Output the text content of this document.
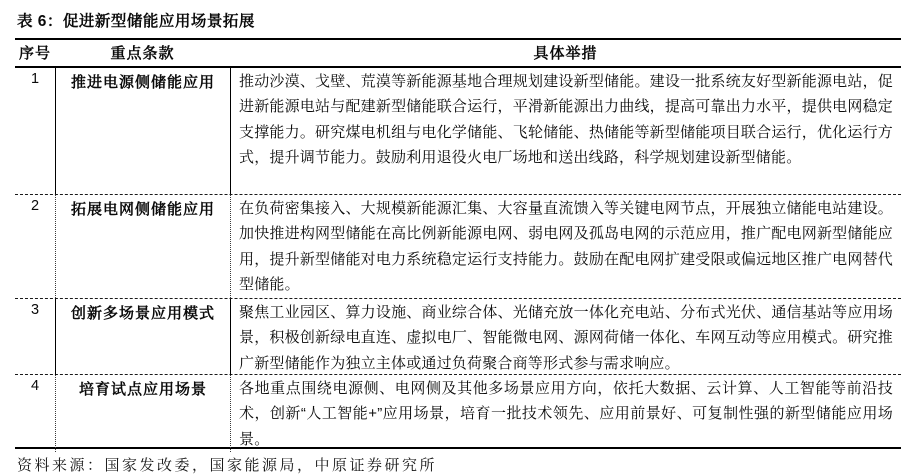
表 6：促进新型储能应用场景拓展
序号	重点条款	具体举措
1	推进电源侧储能应用	推动沙漠、戈壁、荒漠等新能源基地合理规划建设新型储能。建设一批系统友好型新能源电站，促进新能源电站与配建新型储能联合运行，平滑新能源出力曲线，提高可靠出力水平，提供电网稳定支撑能力。研究煤电机组与电化学储能、飞轮储能、热储能等新型储能项目联合运行，优化运行方式，提升调节能力。鼓励利用退役火电厂场地和送出线路，科学规划建设新型储能。
2	拓展电网侧储能应用	在负荷密集接入、大规模新能源汇集、大容量直流馈入等关键电网节点，开展独立储能电站建设。加快推进构网型储能在高比例新能源电网、弱电网及孤岛电网的示范应用，推广配电网新型储能应用，提升新型储能对电力系统稳定运行支持能力。鼓励在配电网扩建受限或偏远地区推广电网替代型储能。
3	创新多场景应用模式	聚焦工业园区、算力设施、商业综合体、光储充放一体化充电站、分布式光伏、通信基站等应用场景，积极创新绿电直连、虚拟电厂、智能微电网、源网荷储一体化、车网互动等应用模式。研究推广新型储能作为独立主体或通过负荷聚合商等形式参与需求响应。
4	培育试点应用场景	各地重点围绕电源侧、电网侧及其他多场景应用方向，依托大数据、云计算、人工智能等前沿技术，创新“人工智能+”应用场景，培育一批技术领先、应用前景好、可复制性强的新型储能应用场景。
资料来源：国家发改委，国家能源局，中原证券研究所
